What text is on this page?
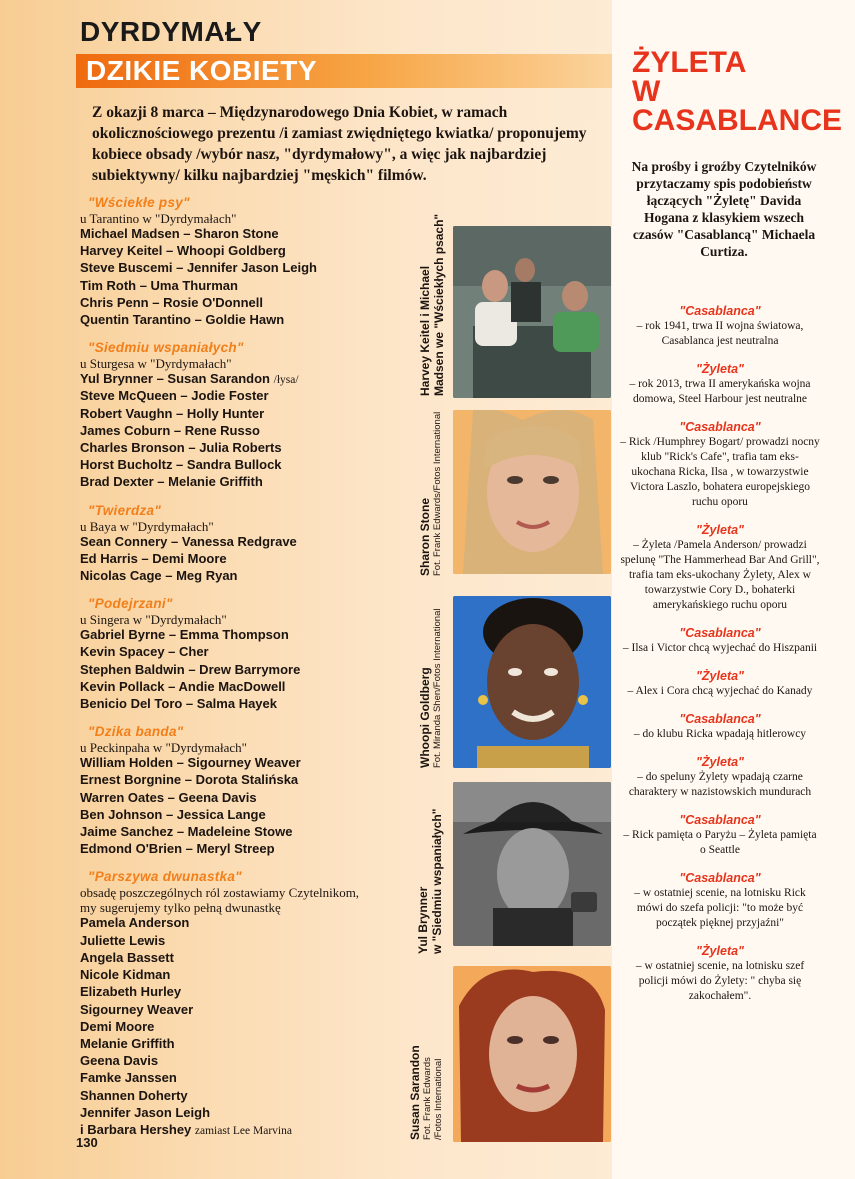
DYRDYMAŁY
DZIKIE KOBIETY
Z okazji 8 marca – Międzynarodowego Dnia Kobiet, w ramach okolicznościowego prezentu /i zamiast zwiędniętego kwiatka/ proponujemy kobiece obsady /wybór nasz, "dyrdymałowy", a więc jak najbardziej subiektywny/ kilku najbardziej "męskich" filmów.
"Wściekłe psy"
u Tarantino w "Dyrdymałach"
Michael Madsen – Sharon Stone
Harvey Keitel – Whoopi Goldberg
Steve Buscemi – Jennifer Jason Leigh
Tim Roth – Uma Thurman
Chris Penn – Rosie O'Donnell
Quentin Tarantino – Goldie Hawn
"Siedmiu wspaniałych"
u Sturgesa w "Dyrdymałach"
Yul Brynner – Susan Sarandon /łysa/
Steve McQueen – Jodie Foster
Robert Vaughn – Holly Hunter
James Coburn – Rene Russo
Charles Bronson – Julia Roberts
Horst Bucholtz – Sandra Bullock
Brad Dexter – Melanie Griffith
"Twierdza"
u Baya w "Dyrdymałach"
Sean Connery – Vanessa Redgrave
Ed Harris – Demi Moore
Nicolas Cage – Meg Ryan
"Podejrzani"
u Singera w "Dyrdymałach"
Gabriel Byrne – Emma Thompson
Kevin Spacey – Cher
Stephen Baldwin – Drew Barrymore
Kevin Pollack – Andie MacDowell
Benicio Del Toro – Salma Hayek
"Dzika banda"
u Peckinpaha w "Dyrdymałach"
William Holden – Sigourney Weaver
Ernest Borgnine – Dorota Stalińska
Warren Oates – Geena Davis
Ben Johnson – Jessica Lange
Jaime Sanchez – Madeleine Stowe
Edmond O'Brien – Meryl Streep
"Parszywa dwunastka"
obsadę poszczególnych ról zostawiamy Czytelnikom, my sugerujemy tylko pełną dwunastkę
Pamela Anderson
Juliette Lewis
Angela Bassett
Nicole Kidman
Elizabeth Hurley
Sigourney Weaver
Demi Moore
Melanie Griffith
Geena Davis
Famke Janssen
Shannen Doherty
Jennifer Jason Leigh
i Barbara Hershey zamiast Lee Marvina
130
Harvey Keitel i Michael Madsen we "Wściekłych psach"
Sharon Stone Fot. Frank Edwards/Fotos International
Whoopi Goldberg Fot. Miranda Shen/Fotos International
Yul Brynner w "Siedmiu wspaniałych"
Susan Sarandon Fot. Frank Edwards /Fotos International
ŻYLETA
W
CASABLANCE
Na prośby i groźby Czytelników przytaczamy spis podobieństw łączących "Żyletę" Davida Hogana z klasykiem wszech czasów "Casablancą" Michaela Curtiza.
"Casablanca"
– rok 1941, trwa II wojna światowa, Casablanca jest neutralna
"Żyleta"
– rok 2013, trwa II amerykańska wojna domowa, Steel Harbour jest neutralne
"Casablanca"
– Rick /Humphrey Bogart/ prowadzi nocny klub "Rick's Cafe", trafia tam eks-ukochana Ricka, Ilsa , w towarzystwie Victora Laszlo, bohatera europejskiego ruchu oporu
"Żyleta"
– Żyleta /Pamela Anderson/ prowadzi spelunę "The Hammerhead Bar And Grill", trafia tam eks-ukochany Żylety, Alex w towarzystwie Cory D., bohaterki amerykańskiego ruchu oporu
"Casablanca"
– Ilsa i Victor chcą wyjechać do Hiszpanii
"Żyleta"
– Alex i Cora chcą wyjechać do Kanady
"Casablanca"
– do klubu Ricka wpadają hitlerowcy
"Żyleta"
– do speluny Żylety wpadają czarne charaktery w nazistowskich mundurach
"Casablanca"
– Rick pamięta o Paryżu – Żyleta pamięta o Seattle
"Casablanca"
– w ostatniej scenie, na lotnisku Rick mówi do szefa policji: "to może być początek pięknej przyjaźni"
"Żyleta"
– w ostatniej scenie, na lotnisku szef policji mówi do Żylety: " chyba się zakochałem".
